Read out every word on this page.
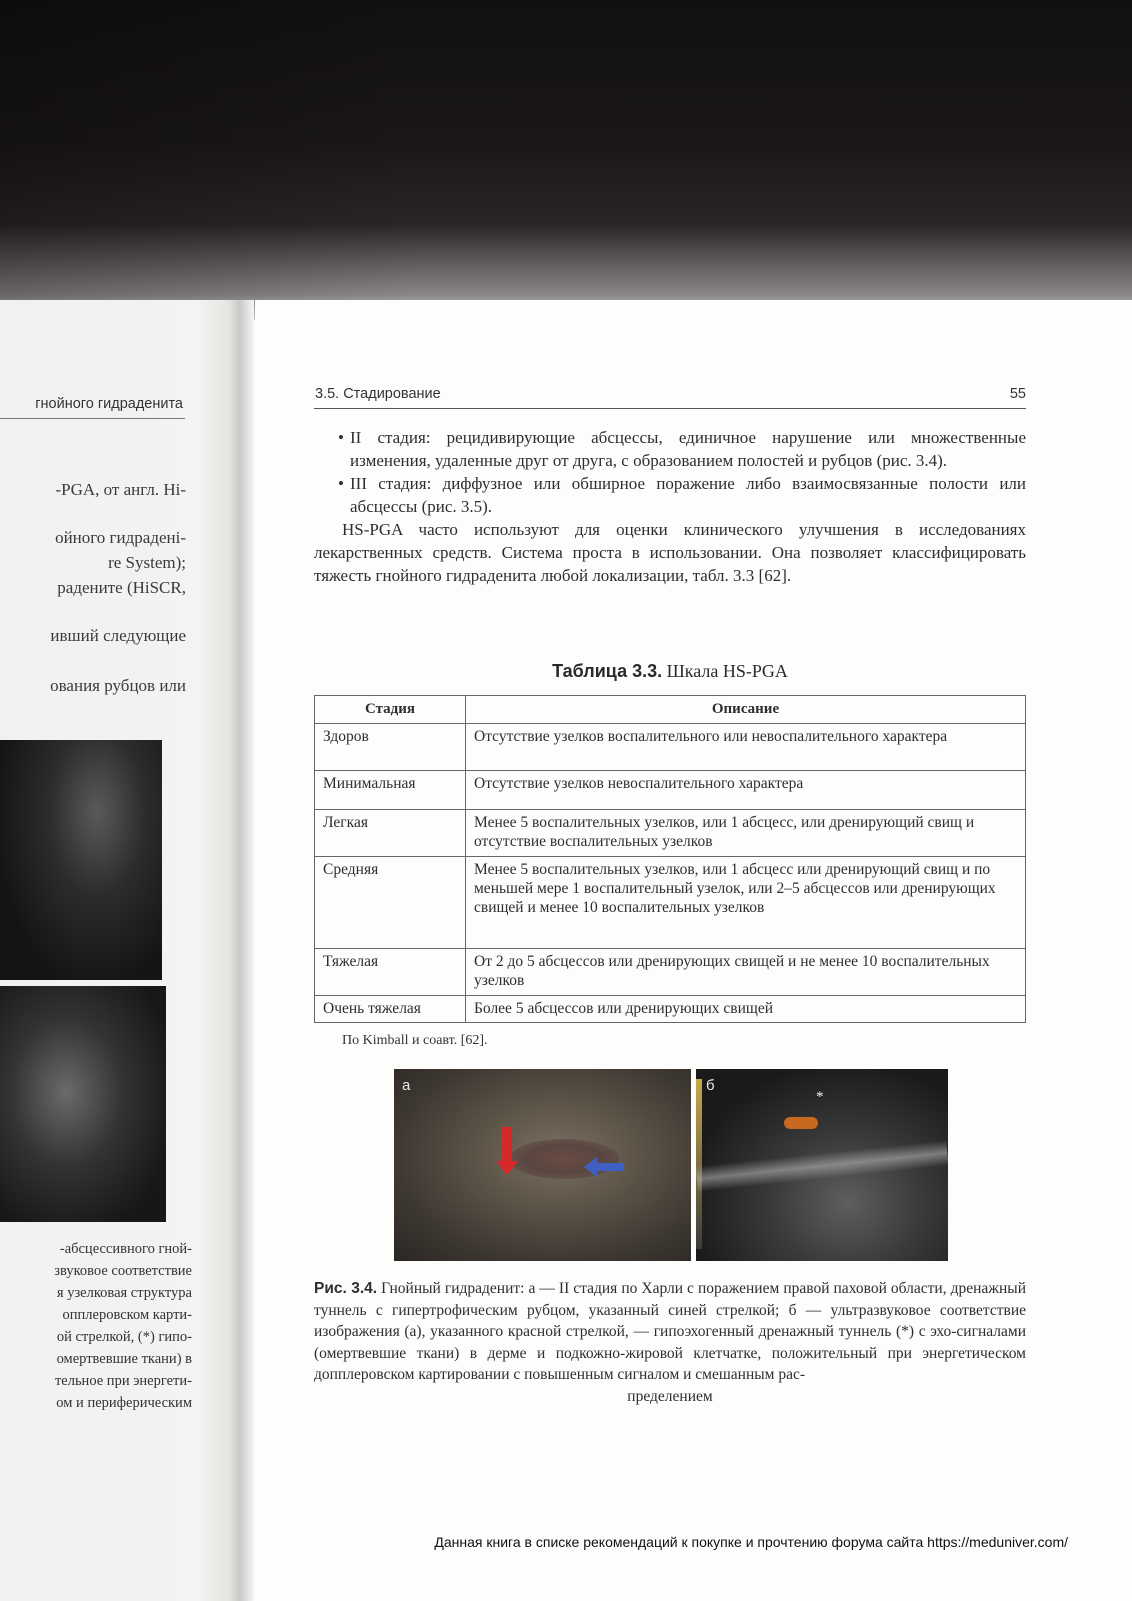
гнойного гидраденита
-PGA, от англ. Hi-
ойного гидраденi-
re System);
радените (HiSCR,
ивший следующие
ования рубцов или
-абсцессивного гной-
звуковое соответствие
я узелковая структура
опплеровском карти-
ой стрелкой, (*) гипо-
омертвевшие ткани) в
тельное при энергети-
ом и периферическим
3.5. Стадирование	55
• II стадия: рецидивирующие абсцессы, единичное нарушение или множественные изменения, удаленные друг от друга, с образованием полостей и рубцов (рис. 3.4).
• III стадия: диффузное или обширное поражение либо взаимосвязанные полости или абсцессы (рис. 3.5).

HS-PGA часто используют для оценки клинического улучшения в исследованиях лекарственных средств. Система проста в использовании. Она позволяет классифицировать тяжесть гнойного гидраденита любой локализации, табл. 3.3 [62].

Таблица 3.3. Шкала HS-PGA
Стадия	Описание
Здоров	Отсутствие узелков воспалительного или невоспалительного характера
Минимальная	Отсутствие узелков невоспалительного характера
Легкая	Менее 5 воспалительных узелков, или 1 абсцесс, или дренирующий свищ и отсутствие воспалительных узелков
Средняя	Менее 5 воспалительных узелков, или 1 абсцесс или дренирующий свищ и по меньшей мере 1 воспалительный узелок, или 2–5 абсцессов или дренирующих свищей и менее 10 воспалительных узелков
Тяжелая	От 2 до 5 абсцессов или дренирующих свищей и не менее 10 воспалительных узелков
Очень тяжелая	Более 5 абсцессов или дренирующих свищей
По Kimball и соавт. [62].
а	б
*
Рис. 3.4. Гнойный гидраденит: а — II стадия по Харли с поражением правой паховой области, дренажный туннель с гипертрофическим рубцом, указанный синей стрелкой; б — ультразвуковое соответствие изображения (а), указанного красной стрелкой, — гипоэхогенный дренажный туннель (*) с эхо-сигналами (омертвевшие ткани) в дерме и подкожно-жировой клетчатке, положительный при энергетическом допплеровском картировании с повышенным сигналом и смешанным рас-
пределением
Данная книга в списке рекомендаций к покупке и прочтению форума сайта https://meduniver.com/
